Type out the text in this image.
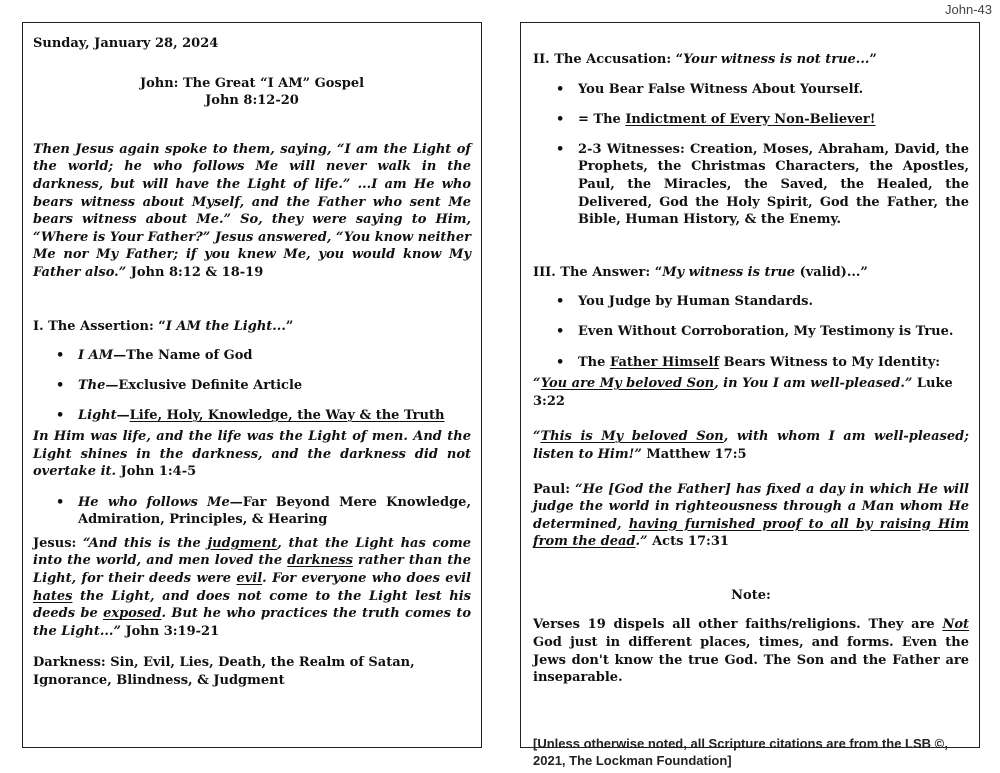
John-43

Sunday, January 28, 2024

John: The Great “I AM” Gospel

John 8:12-20

Then Jesus again spoke to them, saying, “I am the Light of the world; he who follows Me will never walk in the darkness, but will have the Light of life.” ...I am He who bears witness about Myself, and the Father who sent Me bears witness about Me.” So, they were saying to Him, “Where is Your Father?” Jesus answered, “You know neither Me nor My Father; if you knew Me, you would know My Father also.” John 8:12 & 18-19

I. The Assertion: “I AM the Light...”

• I AM—The Name of God
• The—Exclusive Definite Article
• Light—Life, Holy, Knowledge, the Way & the Truth

In Him was life, and the life was the Light of men. And the Light shines in the darkness, and the darkness did not overtake it. John 1:4-5

• He who follows Me—Far Beyond Mere Knowledge, Admiration, Principles, & Hearing

Jesus: “And this is the judgment, that the Light has come into the world, and men loved the darkness rather than the Light, for their deeds were evil. For everyone who does evil hates the Light, and does not come to the Light lest his deeds be exposed. But he who practices the truth comes to the Light...” John 3:19-21

Darkness: Sin, Evil, Lies, Death, the Realm of Satan, Ignorance, Blindness, & Judgment

II. The Accusation: “Your witness is not true...”

• You Bear False Witness About Yourself.
• = The Indictment of Every Non-Believer!
• 2-3 Witnesses: Creation, Moses, Abraham, David, the Prophets, the Christmas Characters, the Apostles, Paul, the Miracles, the Saved, the Healed, the Delivered, God the Holy Spirit, God the Father, the Bible, Human History, & the Enemy.

III. The Answer: “My witness is true (valid)...”

• You Judge by Human Standards.
• Even Without Corroboration, My Testimony is True.
• The Father Himself Bears Witness to My Identity:

“You are My beloved Son, in You I am well-pleased.” Luke 3:22

“This is My beloved Son, with whom I am well-pleased; listen to Him!” Matthew 17:5

Paul: “He [God the Father] has fixed a day in which He will judge the world in righteousness through a Man whom He determined, having furnished proof to all by raising Him from the dead.” Acts 17:31

Note:

Verses 19 dispels all other faiths/religions. They are Not God just in different places, times, and forms. Even the Jews don't know the true God. The Son and the Father are inseparable.

[Unless otherwise noted, all Scripture citations are from the LSB ©, 2021, The Lockman Foundation]
